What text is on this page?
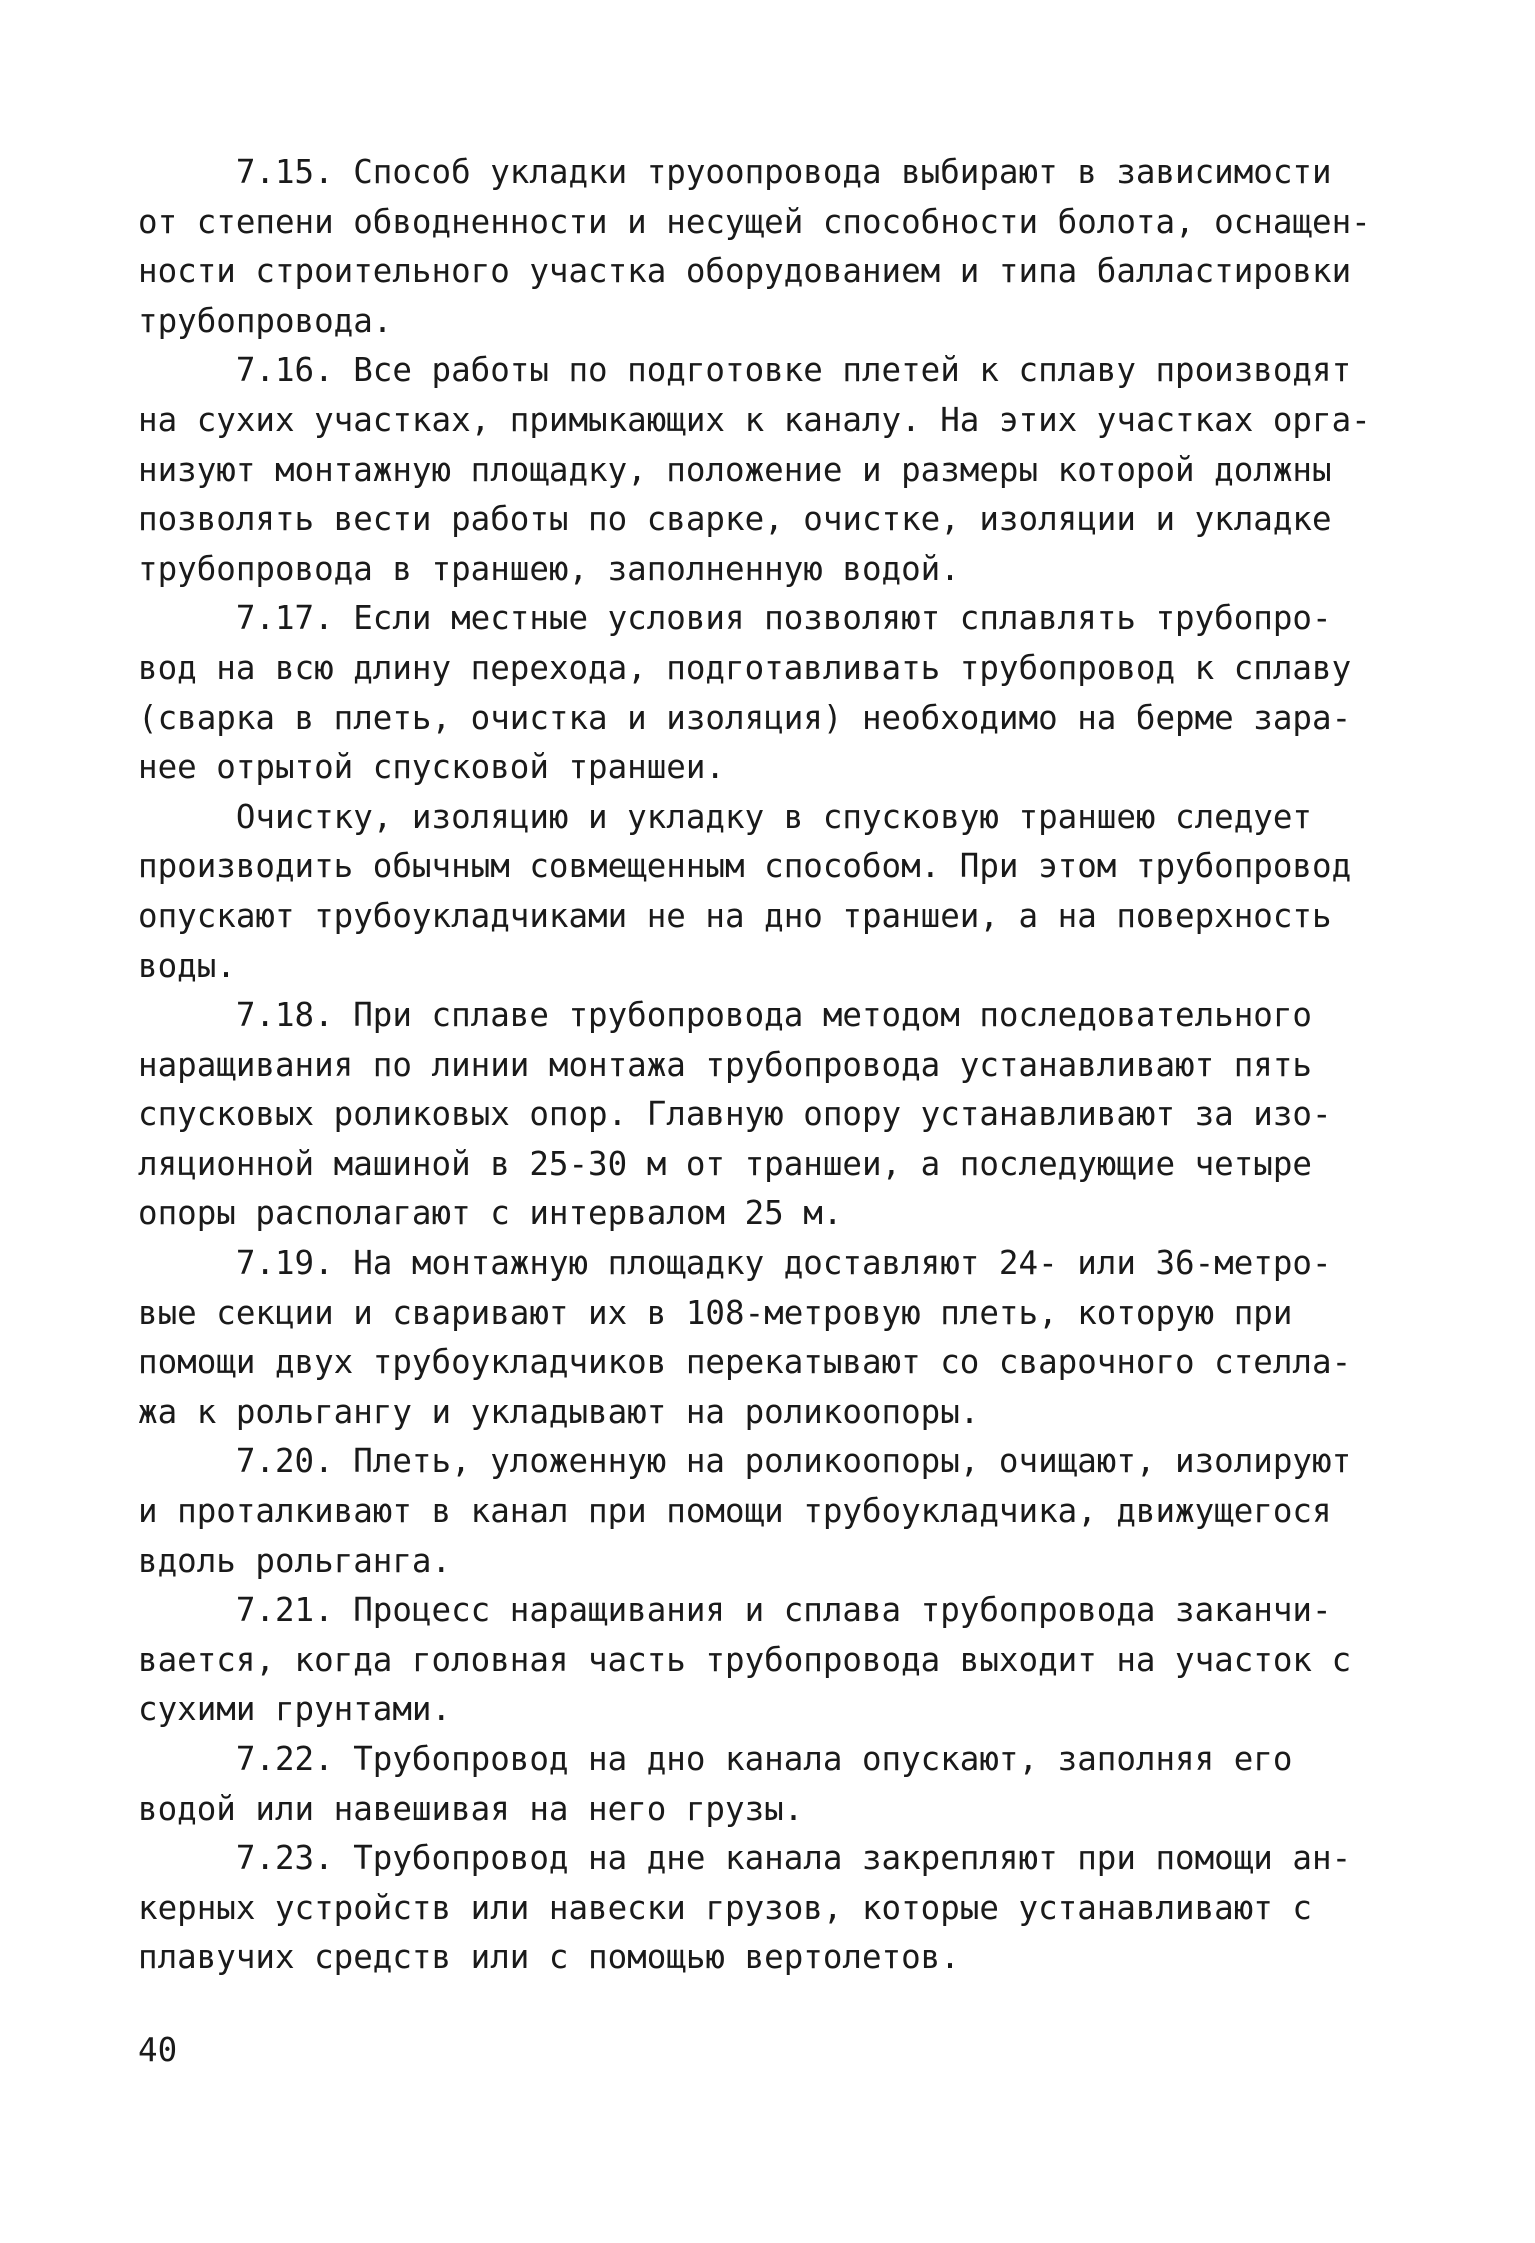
7.15. Способ укладки труоопровода выбирают в зависимости
от степени обводненности и несущей способности болота, оснащен-
ности строительного участка оборудованием и типа балластировки
трубопровода.
7.16. Все работы по подготовке плетей к сплаву производят
на сухих участках, примыкающих к каналу. На этих участках орга-
низуют монтажную площадку, положение и размеры которой должны
позволять вести работы по сварке, очистке, изоляции и укладке
трубопровода в траншею, заполненную водой.
7.17. Если местные условия позволяют сплавлять трубопро-
вод на всю длину перехода, подготавливать трубопровод к сплаву
(сварка в плеть, очистка и изоляция) необходимо на берме зара-
нее отрытой спусковой траншеи.
Очистку, изоляцию и укладку в спусковую траншею следует
производить обычным совмещенным способом. При этом трубопровод
опускают трубоукладчиками не на дно траншеи, а на поверхность
воды.
7.18. При сплаве трубопровода методом последовательного
наращивания по линии монтажа трубопровода устанавливают пять
спусковых роликовых опор. Главную опору устанавливают за изо-
ляционной машиной в 25-30 м от траншеи, а последующие четыре
опоры располагают с интервалом 25 м.
7.19. На монтажную площадку доставляют 24- или 36-метро-
вые секции и сваривают их в 108-метровую плеть, которую при
помощи двух трубоукладчиков перекатывают со сварочного стелла-
жа к рольгангу и укладывают на роликоопоры.
7.20. Плеть, уложенную на роликоопоры, очищают, изолируют
и проталкивают в канал при помощи трубоукладчика, движущегося
вдоль рольганга.
7.21. Процесс наращивания и сплава трубопровода заканчи-
вается, когда головная часть трубопровода выходит на участок с
сухими грунтами.
7.22. Трубопровод на дно канала опускают, заполняя его
водой или навешивая на него грузы.
7.23. Трубопровод на дне канала закрепляют при помощи ан-
керных устройств или навески грузов, которые устанавливают с
плавучих средств или с помощью вертолетов.
40
